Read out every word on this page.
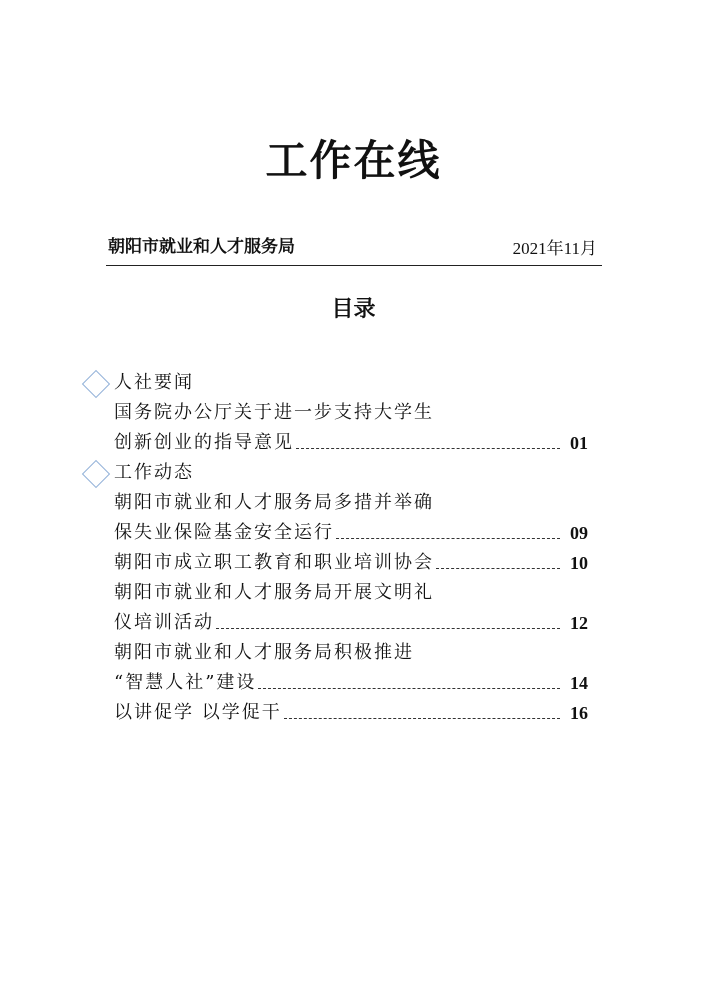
工作在线
朝阳市就业和人才服务局	2021年11月
目录
人社要闻
国务院办公厅关于进一步支持大学生
创新创业的指导意见	01
工作动态
朝阳市就业和人才服务局多措并举确
保失业保险基金安全运行	09
朝阳市成立职工教育和职业培训协会	10
朝阳市就业和人才服务局开展文明礼
仪培训活动	12
朝阳市就业和人才服务局积极推进
“智慧人社”建设	14
以讲促学 以学促干	16
